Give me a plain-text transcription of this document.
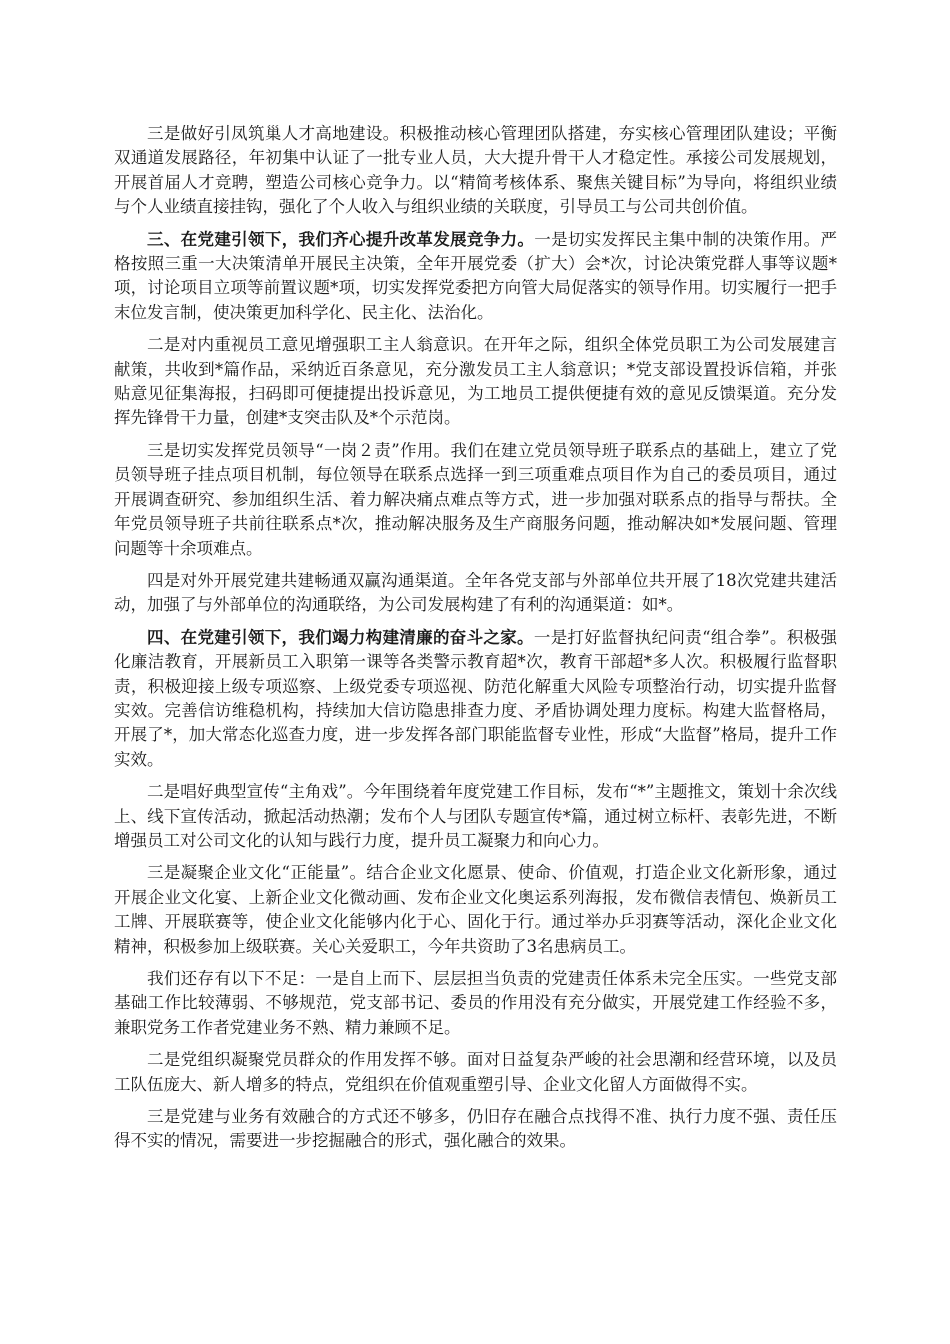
三是做好引凤筑巢人才高地建设。积极推动核心管理团队搭建，夯实核心管理团队建设；平衡双通道发展路径，年初集中认证了一批专业人员，大大提升骨干人才稳定性。承接公司发展规划，开展首届人才竞聘，塑造公司核心竞争力。以“精简考核体系、聚焦关键目标”为导向，将组织业绩与个人业绩直接挂钩，强化了个人收入与组织业绩的关联度，引导员工与公司共创价值。

三、在党建引领下，我们齐心提升改革发展竞争力。一是切实发挥民主集中制的决策作用。严格按照三重一大决策清单开展民主决策，全年开展党委（扩大）会*次，讨论决策党群人事等议题*项，讨论项目立项等前置议题*项，切实发挥党委把方向管大局促落实的领导作用。切实履行一把手末位发言制，使决策更加科学化、民主化、法治化。

二是对内重视员工意见增强职工主人翁意识。在开年之际，组织全体党员职工为公司发展建言献策，共收到*篇作品，采纳近百条意见，充分激发员工主人翁意识；*党支部设置投诉信箱，并张贴意见征集海报，扫码即可便捷提出投诉意见，为工地员工提供便捷有效的意见反馈渠道。充分发挥先锋骨干力量，创建*支突击队及*个示范岗。

三是切实发挥党员领导“一岗２责”作用。我们在建立党员领导班子联系点的基础上，建立了党员领导班子挂点项目机制，每位领导在联系点选择一到三项重难点项目作为自己的委员项目，通过开展调查研究、参加组织生活、着力解决痛点难点等方式，进一步加强对联系点的指导与帮扶。全年党员领导班子共前往联系点*次，推动解决服务及生产商服务问题，推动解决如*发展问题、管理问题等十余项难点。

四是对外开展党建共建畅通双赢沟通渠道。全年各党支部与外部单位共开展了18次党建共建活动，加强了与外部单位的沟通联络，为公司发展构建了有利的沟通渠道：如*。

四、在党建引领下，我们竭力构建清廉的奋斗之家。一是打好监督执纪问责“组合拳”。积极强化廉洁教育，开展新员工入职第一课等各类警示教育超*次，教育干部超*多人次。积极履行监督职责，积极迎接上级专项巡察、上级党委专项巡视、防范化解重大风险专项整治行动，切实提升监督实效。完善信访维稳机构，持续加大信访隐患排查力度、矛盾协调处理力度标。构建大监督格局，开展了*，加大常态化巡查力度，进一步发挥各部门职能监督专业性，形成“大监督”格局，提升工作实效。

二是唱好典型宣传“主角戏”。今年围绕着年度党建工作目标，发布“*”主题推文，策划十余次线上、线下宣传活动，掀起活动热潮；发布个人与团队专题宣传*篇，通过树立标杆、表彰先进，不断增强员工对公司文化的认知与践行力度，提升员工凝聚力和向心力。

三是凝聚企业文化“正能量”。结合企业文化愿景、使命、价值观，打造企业文化新形象，通过开展企业文化宴、上新企业文化微动画、发布企业文化奥运系列海报，发布微信表情包、焕新员工工牌、开展联赛等，使企业文化能够内化于心、固化于行。通过举办乒羽赛等活动，深化企业文化精神，积极参加上级联赛。关心关爱职工，今年共资助了3名患病员工。

我们还存有以下不足：一是自上而下、层层担当负责的党建责任体系未完全压实。一些党支部基础工作比较薄弱、不够规范，党支部书记、委员的作用没有充分做实，开展党建工作经验不多，兼职党务工作者党建业务不熟、精力兼顾不足。

二是党组织凝聚党员群众的作用发挥不够。面对日益复杂严峻的社会思潮和经营环境，以及员工队伍庞大、新人增多的特点，党组织在价值观重塑引导、企业文化留人方面做得不实。

三是党建与业务有效融合的方式还不够多，仍旧存在融合点找得不准、执行力度不强、责任压得不实的情况，需要进一步挖掘融合的形式，强化融合的效果。
